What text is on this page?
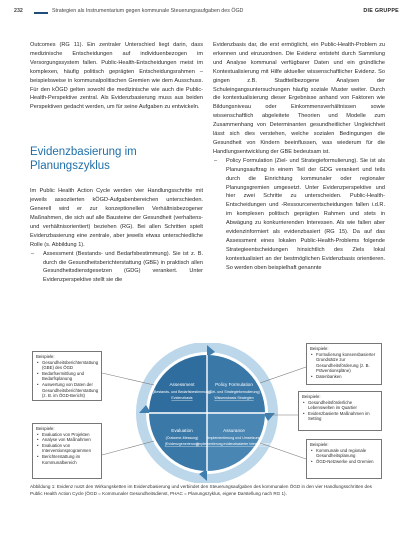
232	Strategien als Instrumentarium gegen kommunale Steuerungsaufgaben des ÖGD	DIE GRUPPE

Outcomes (RG 11). Ein zentraler Unterschied liegt darin, dass medizinische Entscheidungen auf individuenbezogen im Versorgungssystem fallen. Public-Health-Entscheidungen meist im komplexen, häufig politisch geprägten Entscheidungsrahmen – beispielsweise in kommunalpolitischen Gremien wie dem Ausschuss. Für den kÖGD gelten sowohl die medizinische wie auch die Public-Health-Perspektive zentral. Als Evidenzbasierung muss aus beiden Perspektiven gedacht werden, um für seine Aufgaben zu entwickeln.

Evidenzbasierung im Planungszyklus

Im Public Health Action Cycle werden vier Handlungsschritte mit jeweils assoziierten kÖGD-Aufgabenbereichen unterschieden. Generell wird er zur konzeptionellen Verhältnisbezogener Maßnahmen, die sich auf alle Bausteine der Gesundheit (verhaltens- und verhältnisorientiert) beziehen (RG). Bei allen Schritten spielt Evidenzbasierung eine zentrale, aber jeweils etwas unterschiedliche Rolle (s. Abbildung 1).

– Assessment (Bestands- und Bedarfsbestimmung). Sie ist z. B. durch die Gesundheitsberichterstattung (GBE) in praktisch allen Gesundheitsdienstgesetzen (GDG) verankert. Unter Evidenzperspektive stellt sie die

Evidenzbasis dar, die erst ermöglicht, ein Public-Health-Problem zu erkennen und einzuordnen. Die Evidenz entsteht durch Sammlung und Analyse kommunal verfügbarer Daten und ein gründliche Kontextualisierung mit Hilfe aktueller wissenschaftlicher Evidenz. So gingen z.B. Stadtteilbezogene Analysen der Schuleingangsuntersuchungen häufig soziale Muster weiter. Durch die kontextualisierung dieser Ergebnisse anhand von Faktoren wie Bildungsniveau oder Einkommensverhältnissen sowie wissenschaftlich abgeleitete Theorien und Modelle zum Zusammenhang von Determinanten gesundheitlicher Ungleichheit lässt sich dies verstehen, welche sozialen Bedingungen die Gesundheit von Kindern beeinflussen, was wiederum für die Handlungsentwicklung der GBE bedeutsam ist.

– Policy Formulation (Ziel- und Strategieformulierung). Sie ist als Planungsauftrag in einem Teil der GDG verankert und teils durch die Einrichtung kommunaler oder regionaler Planungsgremien umgesetzt. Unter Evidenzperspektive und hier zwei Schritte zu unterscheiden. Public-Health-Entscheidungen und -Ressourcenentscheidungen fallen i.d.R. im komplexen politisch geprägten Rahmen und stets in Abwägung zu konkurrierenden Interessen. Als wie fallen aber evidenzinformiert als evidenzbasiert (RG 15). Da auf das Assessment eines lokalen Public-Health-Problems folgende Strategieentscheidungen hinsichtlich des Ziels lokal kontextualisiert an der bestmöglichen Evidenzbasis orientieren. So werden oben beispielhaft genannte
Assessment
(Bestands- und Bedarfsbestimmung)
Evidenzbasis
Policy Formulation
(Ziel- und Strategieformulierung)
Wissensbasis Strategien
Evaluation
(Outcome-Messung)
(Evidenzgenerierung)
Assurance
(Implementierung und Umsetzung)
(Implementierung evidenzbasierter Interventionen)
Beispiele:
• Gesundheitsberichterstattung (GBE) des ÖGD
• Bedarfsermittlung und Bedarfsplanung
• Auswertung von Daten der Gesundheitsberichterstattung (z. B. im ÖGD-Bericht)
Beispiele:
• Evaluation von Projekten
• Analyse von Maßnahmen
• Evaluation von Interventionsprogrammen
• Berichterstattung im Kommunalbereich
Beispiele:
• Formulierung konsensbasierter Grundsätze zur Gesundheitsförderung (z. B. Präventionspläne)
• Datenbanken
Beispiele:
• Gesundheitsförderliche Lebenswelten im Quartier
• Evidenzbasierte Maßnahmen im Setting
Beispiele:
• Kommunale und regionale Gesundheitsplanung
• ÖGD-Netzwerke und Gremien
Abbildung 1: Evidenz nutzt den Wirkungsketten im Evidenzbasierung und verbindet den Steuerungsaufgaben des kommunalen ÖGD in den vier Handlungsschritten des Public Health Action Cycle (ÖGD = Kommunaler Gesundheitsdienst, PHAC = Planungszyklus, eigene Darstellung nach RG 1).
